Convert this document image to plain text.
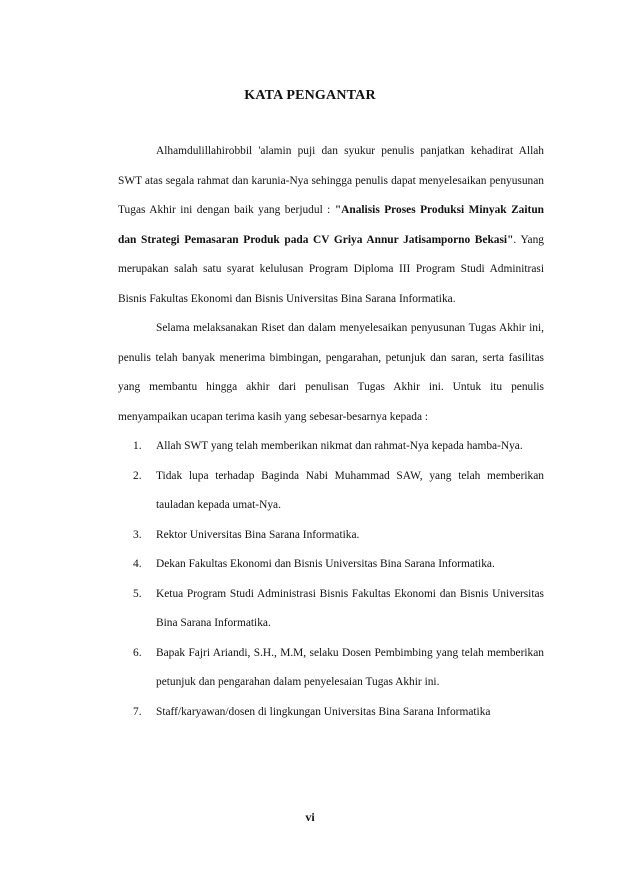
KATA PENGANTAR

Alhamdulillahirobbil 'alamin puji dan syukur penulis panjatkan kehadirat Allah SWT atas segala rahmat dan karunia-Nya sehingga penulis dapat menyelesaikan penyusunan Tugas Akhir ini dengan baik yang berjudul : "Analisis Proses Produksi Minyak Zaitun dan Strategi Pemasaran Produk pada CV Griya Annur Jatisamporno Bekasi". Yang merupakan salah satu syarat kelulusan Program Diploma III Program Studi Adminitrasi Bisnis Fakultas Ekonomi dan Bisnis Universitas Bina Sarana Informatika.

Selama melaksanakan Riset dan dalam menyelesaikan penyusunan Tugas Akhir ini, penulis telah banyak menerima bimbingan, pengarahan, petunjuk dan saran, serta fasilitas yang membantu hingga akhir dari penulisan Tugas Akhir ini. Untuk itu penulis menyampaikan ucapan terima kasih yang sebesar-besarnya kepada :

1. Allah SWT yang telah memberikan nikmat dan rahmat-Nya kepada hamba-Nya.
2. Tidak lupa terhadap Baginda Nabi Muhammad SAW, yang telah memberikan tauladan kepada umat-Nya.
3. Rektor Universitas Bina Sarana Informatika.
4. Dekan Fakultas Ekonomi dan Bisnis Universitas Bina Sarana Informatika.
5. Ketua Program Studi Administrasi Bisnis Fakultas Ekonomi dan Bisnis Universitas Bina Sarana Informatika.
6. Bapak Fajri Ariandi, S.H., M.M, selaku Dosen Pembimbing yang telah memberikan petunjuk dan pengarahan dalam penyelesaian Tugas Akhir ini.
7. Staff/karyawan/dosen di lingkungan Universitas Bina Sarana Informatika
vi
